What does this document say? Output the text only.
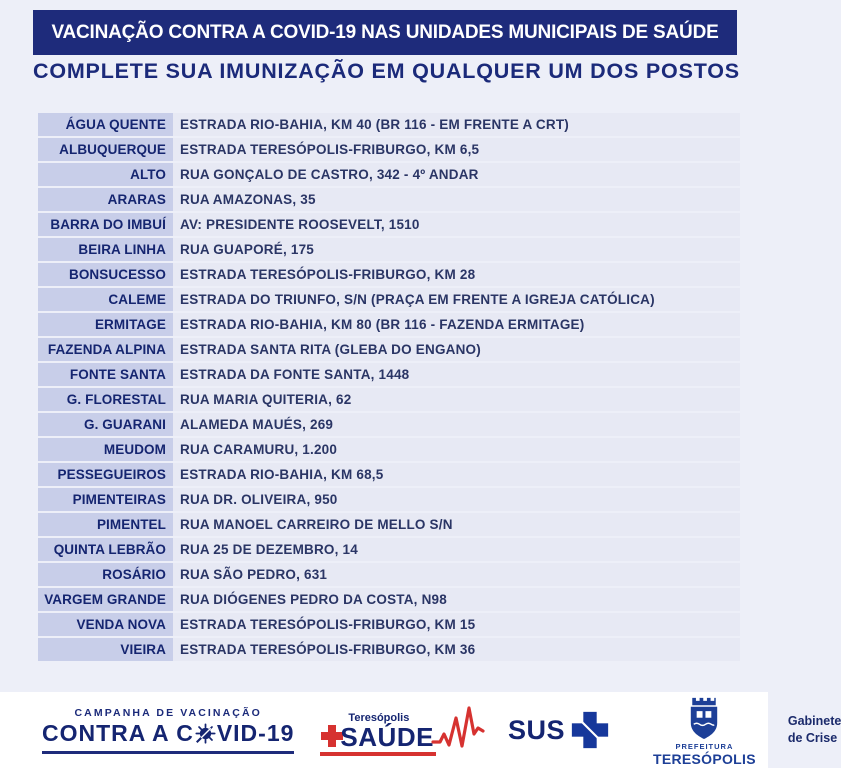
VACINAÇÃO CONTRA A COVID-19 NAS UNIDADES MUNICIPAIS DE SAÚDE
COMPLETE SUA IMUNIZAÇÃO EM QUALQUER UM DOS POSTOS
ÁGUA QUENTE	ESTRADA RIO-BAHIA, KM 40 (BR 116 - EM FRENTE A CRT)
ALBUQUERQUE	ESTRADA TERESÓPOLIS-FRIBURGO, KM 6,5
ALTO	RUA GONÇALO DE CASTRO, 342 - 4º ANDAR
ARARAS	RUA AMAZONAS, 35
BARRA DO IMBUÍ	AV: PRESIDENTE ROOSEVELT, 1510
BEIRA LINHA	RUA GUAPORÉ, 175
BONSUCESSO	ESTRADA TERESÓPOLIS-FRIBURGO, KM 28
CALEME	ESTRADA DO TRIUNFO, S/N (PRAÇA EM FRENTE A IGREJA CATÓLICA)
ERMITAGE	ESTRADA RIO-BAHIA, KM 80 (BR 116 - FAZENDA ERMITAGE)
FAZENDA ALPINA	ESTRADA SANTA RITA (GLEBA DO ENGANO)
FONTE SANTA	ESTRADA DA FONTE SANTA, 1448
G. FLORESTAL	RUA MARIA QUITERIA, 62
G. GUARANI	ALAMEDA MAUÉS, 269
MEUDOM	RUA CARAMURU, 1.200
PESSEGUEIROS	ESTRADA RIO-BAHIA, KM 68,5
PIMENTEIRAS	RUA DR. OLIVEIRA, 950
PIMENTEL	RUA MANOEL CARREIRO DE MELLO S/N
QUINTA LEBRÃO	RUA 25 DE DEZEMBRO, 14
ROSÁRIO	RUA SÃO PEDRO, 631
VARGEM GRANDE	RUA DIÓGENES PEDRO DA COSTA, N98
VENDA NOVA	ESTRADA TERESÓPOLIS-FRIBURGO, KM 15
VIEIRA	ESTRADA TERESÓPOLIS-FRIBURGO, KM 36
CAMPANHA DE VACINAÇÃO
CONTRA A C VID-19
Teresópolis
SAÚDE	SUS
PREFEITURA
TERESÓPOLIS
Gabinete
de Crise
